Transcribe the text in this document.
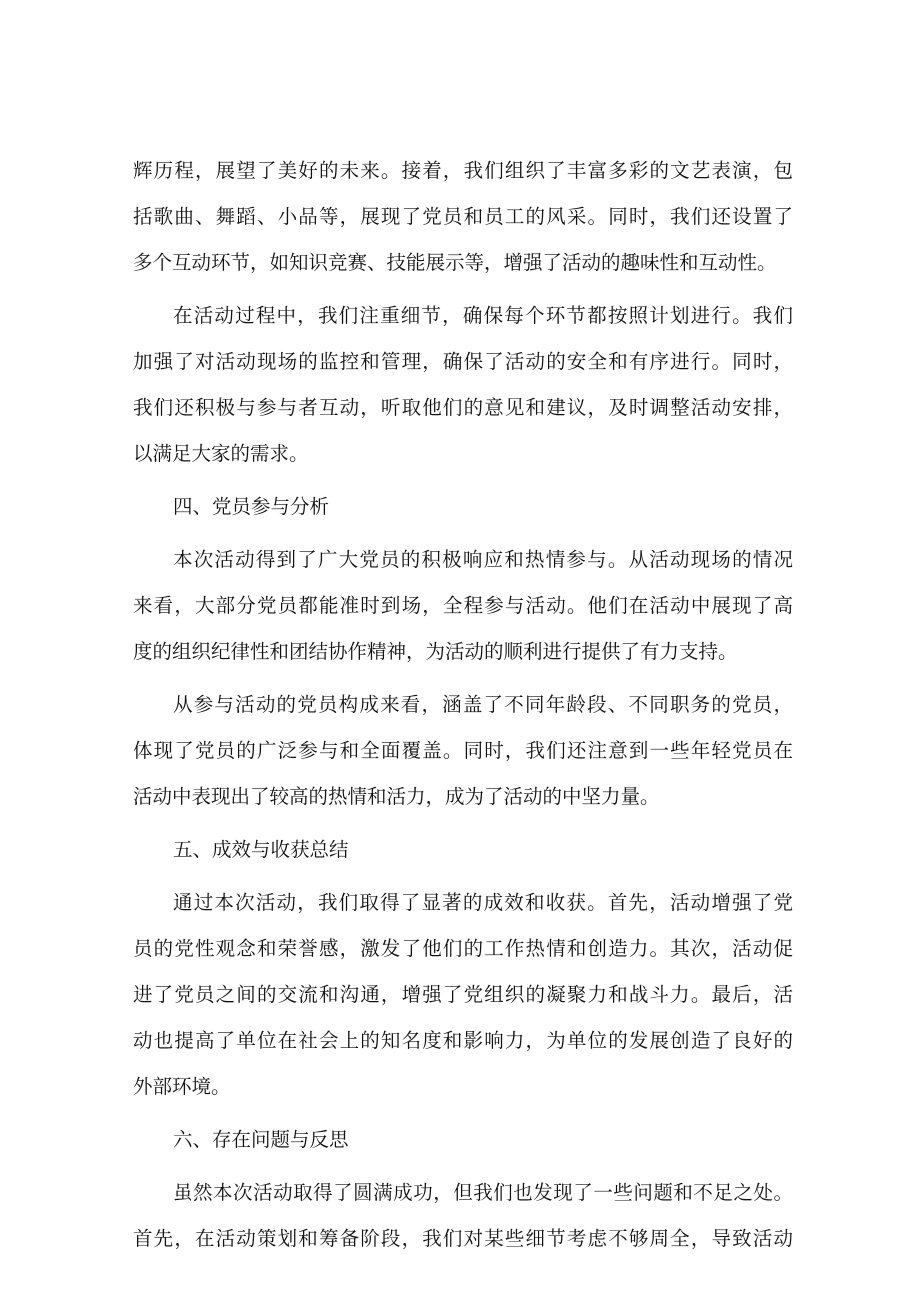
辉历程，展望了美好的未来。接着，我们组织了丰富多彩的文艺表演，包
括歌曲、舞蹈、小品等，展现了党员和员工的风采。同时，我们还设置了
多个互动环节，如知识竞赛、技能展示等，增强了活动的趣味性和互动性。
在活动过程中，我们注重细节，确保每个环节都按照计划进行。我们
加强了对活动现场的监控和管理，确保了活动的安全和有序进行。同时，
我们还积极与参与者互动，听取他们的意见和建议，及时调整活动安排，
以满足大家的需求。
四、党员参与分析
本次活动得到了广大党员的积极响应和热情参与。从活动现场的情况
来看，大部分党员都能准时到场，全程参与活动。他们在活动中展现了高
度的组织纪律性和团结协作精神，为活动的顺利进行提供了有力支持。
从参与活动的党员构成来看，涵盖了不同年龄段、不同职务的党员，
体现了党员的广泛参与和全面覆盖。同时，我们还注意到一些年轻党员在
活动中表现出了较高的热情和活力，成为了活动的中坚力量。
五、成效与收获总结
通过本次活动，我们取得了显著的成效和收获。首先，活动增强了党
员的党性观念和荣誉感，激发了他们的工作热情和创造力。其次，活动促
进了党员之间的交流和沟通，增强了党组织的凝聚力和战斗力。最后，活
动也提高了单位在社会上的知名度和影响力，为单位的发展创造了良好的
外部环境。
六、存在问题与反思
虽然本次活动取得了圆满成功，但我们也发现了一些问题和不足之处。
首先，在活动策划和筹备阶段，我们对某些细节考虑不够周全，导致活动
